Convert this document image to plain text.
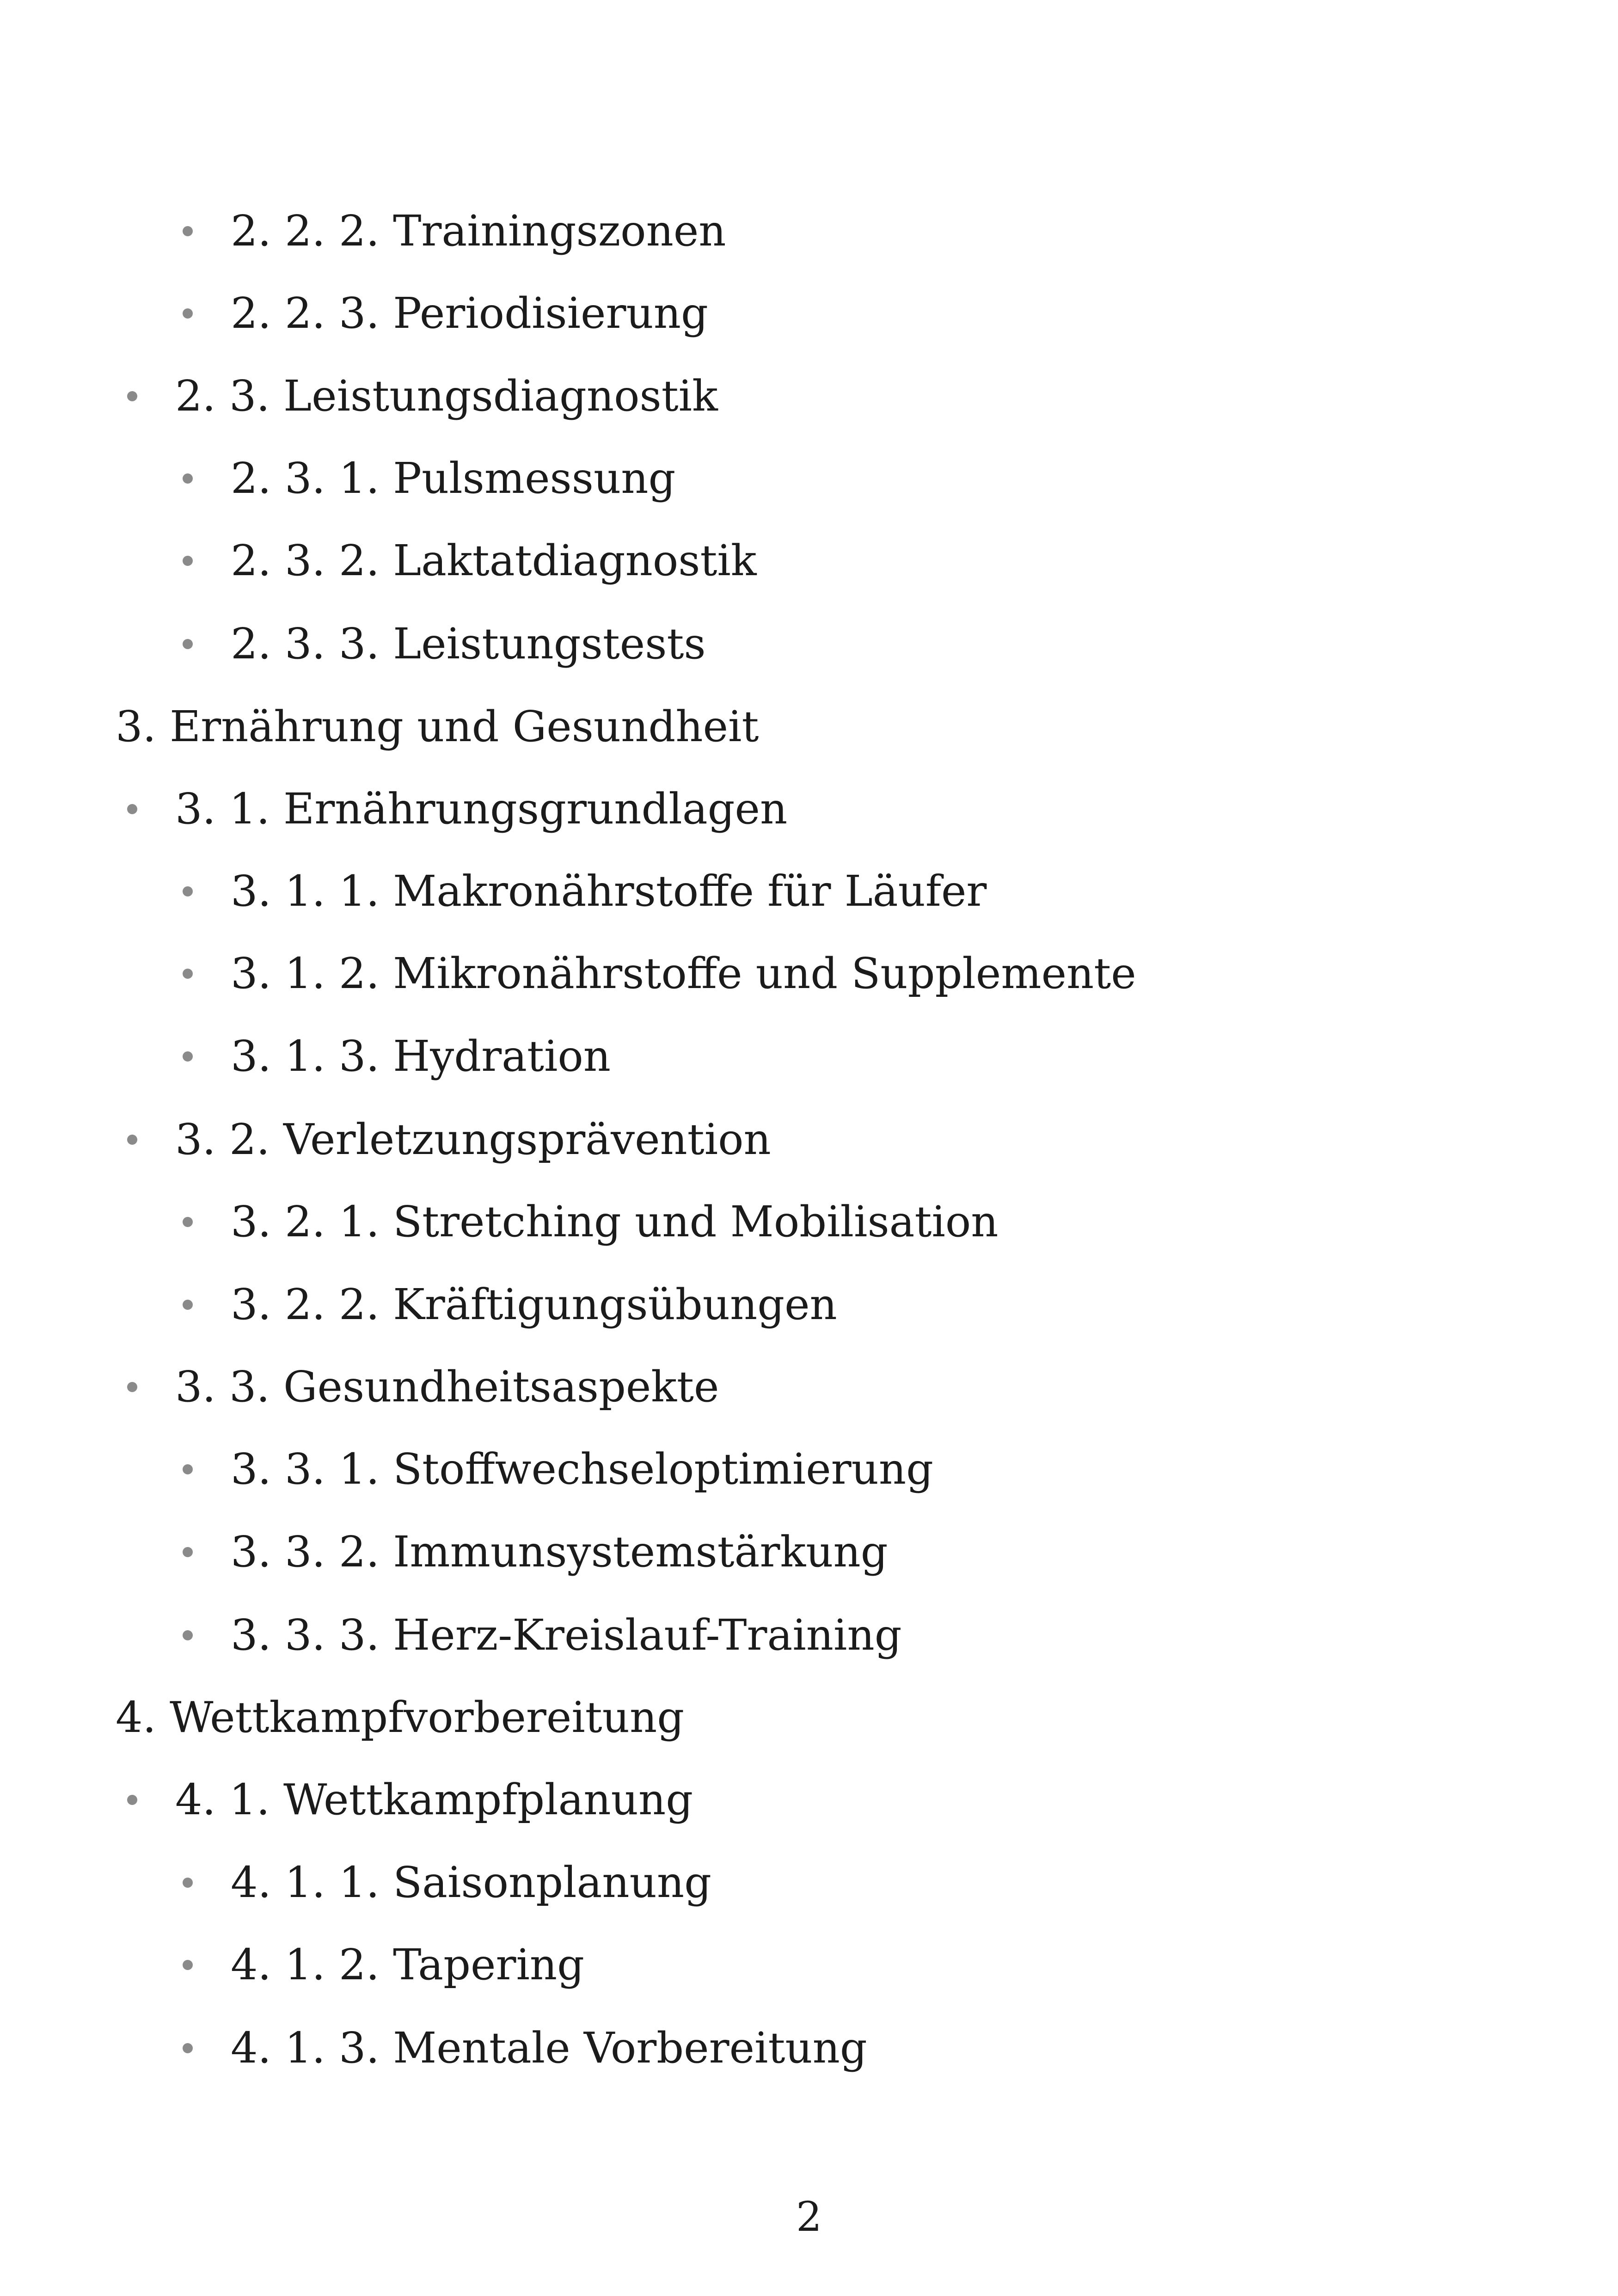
2. 2. 2. Trainingszonen
2. 2. 3. Periodisierung
2. 3. Leistungsdiagnostik
2. 3. 1. Pulsmessung
2. 3. 2. Laktatdiagnostik
2. 3. 3. Leistungstests
3. Ernährung und Gesundheit
3. 1. Ernährungsgrundlagen
3. 1. 1. Makronährstoffe für Läufer
3. 1. 2. Mikronährstoffe und Supplemente
3. 1. 3. Hydration
3. 2. Verletzungsprävention
3. 2. 1. Stretching und Mobilisation
3. 2. 2. Kräftigungsübungen
3. 3. Gesundheitsaspekte
3. 3. 1. Stoffwechseloptimierung
3. 3. 2. Immunsystemstärkung
3. 3. 3. Herz-Kreislauf-Training
4. Wettkampfvorbereitung
4. 1. Wettkampfplanung
4. 1. 1. Saisonplanung
4. 1. 2. Tapering
4. 1. 3. Mentale Vorbereitung
2
